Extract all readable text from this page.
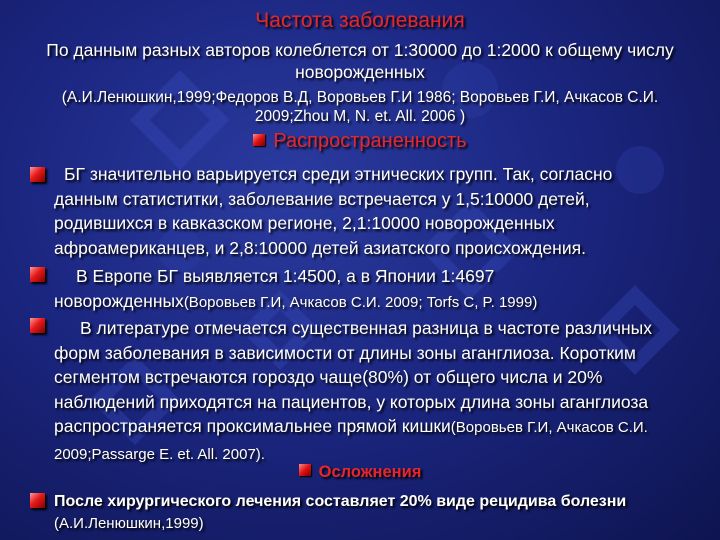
Частота заболевания
По данным разных авторов колеблется от 1:30000 до 1:2000 к общему числу новорожденных
(А.И.Ленюшкин,1999;Федоров В.Д, Воровьев Г.И 1986; Воровьев Г.И, Ачкасов С.И. 2009;Zhou M, N. et. All. 2006 )
Распространенность
БГ значительно варьируется среди этнических групп. Так, согласно данным статиститки, заболевание встречается у 1,5:10000 детей, родившихся в кавказском регионе, 2,1:10000 новорожденных афроамериканцев, и 2,8:10000 детей азиатского происхождения.
В Европе БГ выявляется 1:4500, а в Японии 1:4697 новорожденных(Воровьев Г.И, Ачкасов С.И. 2009; Torfs C, P. 1999)
В литературе отмечается существенная разница в частоте различных форм заболевания в зависимости от длины зоны аганглиоза. Коротким сегментом встречаются гороздо чаще(80%) от общего числа и 20% наблюдений приходятся на пациентов, у которых длина зоны аганглиоза распространяется проксимальнее прямой кишки(Воровьев Г.И, Ачкасов С.И. 2009;Passarge E. et. All. 2007).
Осложнения
После хирургического лечения составляет 20% виде рецидива болезни (А.И.Ленюшкин,1999)
